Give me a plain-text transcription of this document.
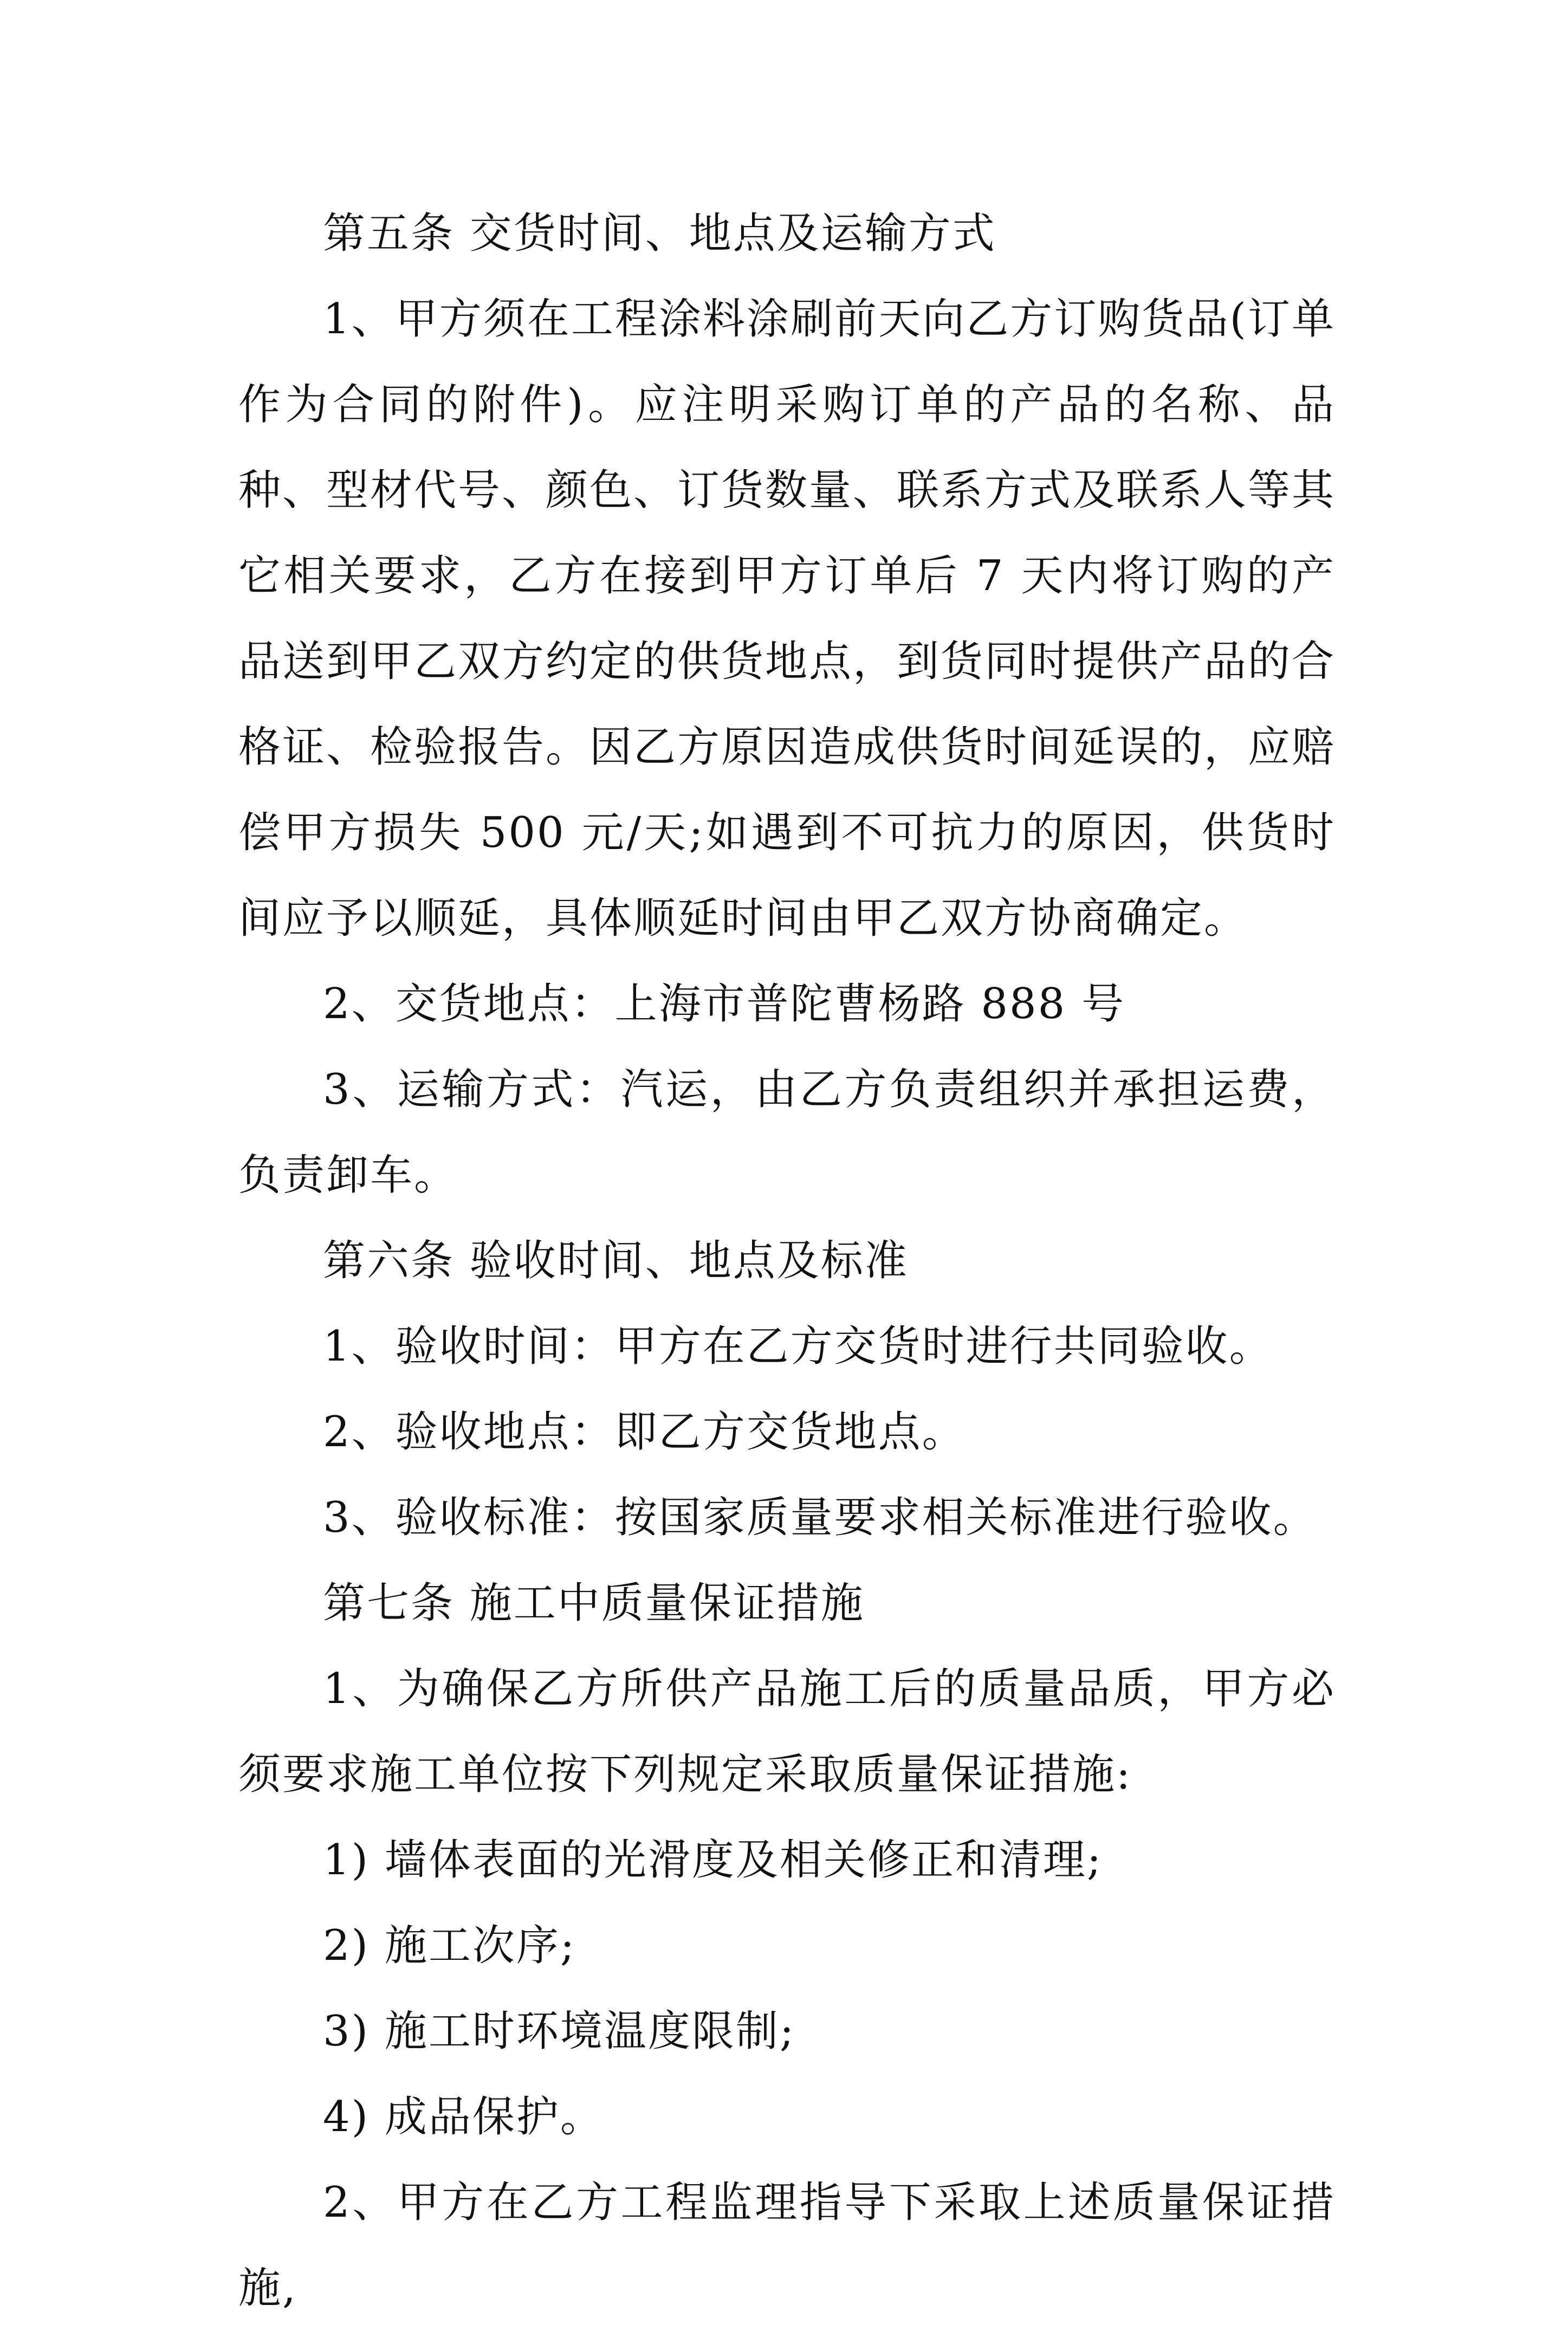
第五条 交货时间、地点及运输方式

1、甲方须在工程涂料涂刷前天向乙方订购货品(订单作为合同的附件)。应注明采购订单的产品的名称、品种、型材代号、颜色、订货数量、联系方式及联系人等其它相关要求，乙方在接到甲方订单后 7 天内将订购的产品送到甲乙双方约定的供货地点，到货同时提供产品的合格证、检验报告。因乙方原因造成供货时间延误的，应赔偿甲方损失 500 元/天;如遇到不可抗力的原因，供货时间应予以顺延，具体顺延时间由甲乙双方协商确定。

2、交货地点：上海市普陀曹杨路 888 号

3、运输方式：汽运，由乙方负责组织并承担运费，负责卸车。

第六条 验收时间、地点及标准

1、验收时间：甲方在乙方交货时进行共同验收。

2、验收地点：即乙方交货地点。

3、验收标准：按国家质量要求相关标准进行验收。

第七条 施工中质量保证措施

1、为确保乙方所供产品施工后的质量品质，甲方必须要求施工单位按下列规定采取质量保证措施:

1) 墙体表面的光滑度及相关修正和清理;

2) 施工次序;

3) 施工时环境温度限制;

4) 成品保护。

2、甲方在乙方工程监理指导下采取上述质量保证措施,
